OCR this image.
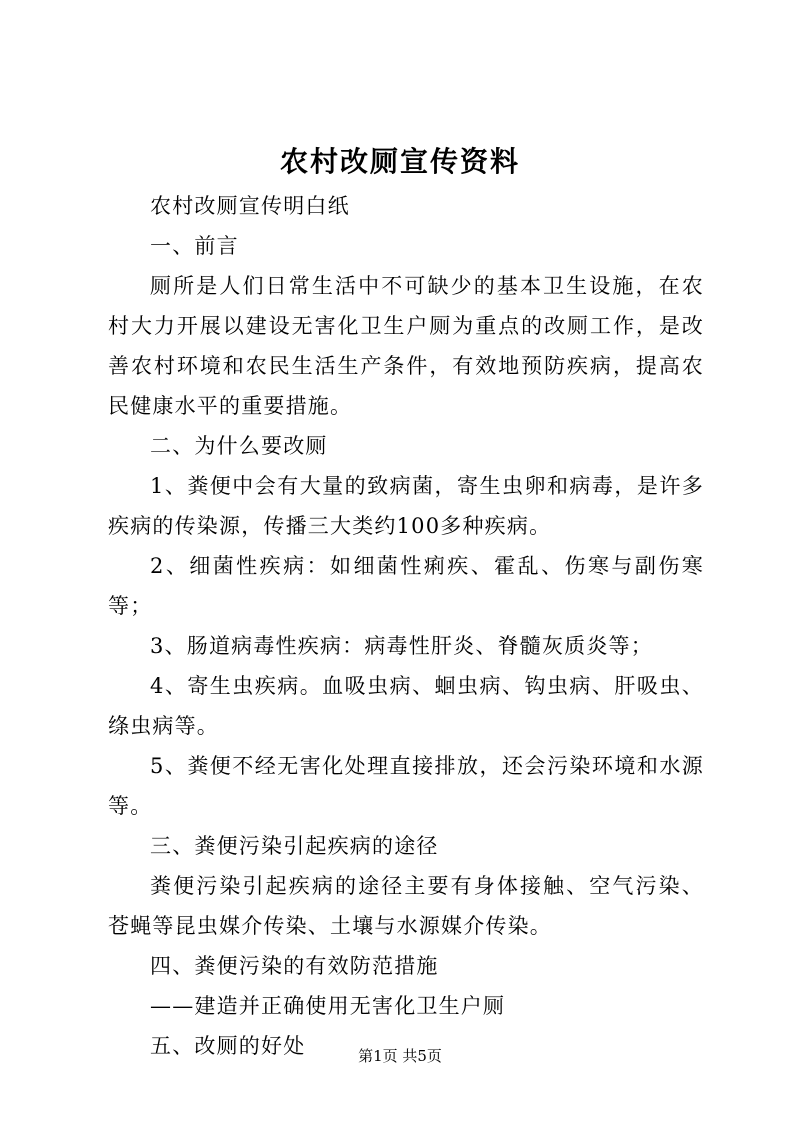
农村改厕宣传资料

农村改厕宣传明白纸

一、前言

厕所是人们日常生活中不可缺少的基本卫生设施，在农村大力开展以建设无害化卫生户厕为重点的改厕工作，是改善农村环境和农民生活生产条件，有效地预防疾病，提高农民健康水平的重要措施。

二、为什么要改厕

1、粪便中会有大量的致病菌，寄生虫卵和病毒，是许多疾病的传染源，传播三大类约100多种疾病。

2、细菌性疾病：如细菌性痢疾、霍乱、伤寒与副伤寒等；

3、肠道病毒性疾病：病毒性肝炎、脊髓灰质炎等；

4、寄生虫疾病。血吸虫病、蛔虫病、钩虫病、肝吸虫、绦虫病等。

5、粪便不经无害化处理直接排放，还会污染环境和水源等。

三、粪便污染引起疾病的途径

粪便污染引起疾病的途径主要有身体接触、空气污染、苍蝇等昆虫媒介传染、土壤与水源媒介传染。

四、粪便污染的有效防范措施

——建造并正确使用无害化卫生户厕

五、改厕的好处	第1页 共5页
